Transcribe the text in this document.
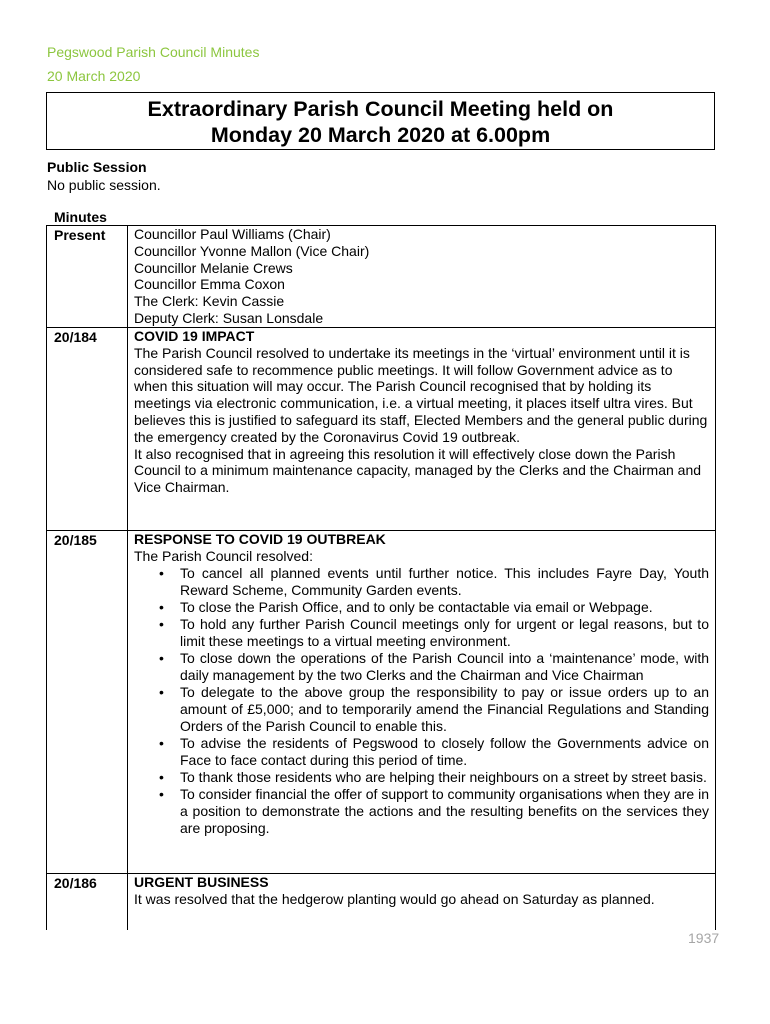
Pegswood Parish Council Minutes
20 March 2020
Extraordinary Parish Council Meeting held on
Monday 20 March 2020 at 6.00pm
Public Session
No public session.
Minutes
Present Councillor Paul Williams (Chair)
Councillor Yvonne Mallon (Vice Chair)
Councillor Melanie Crews
Councillor Emma Coxon
The Clerk: Kevin Cassie
Deputy Clerk: Susan Lonsdale
20/184	COVID 19 IMPACT

The Parish Council resolved to undertake its meetings in the ‘virtual’ environment until it is considered safe to recommence public meetings. It will follow Government advice as to when this situation will may occur. The Parish Council recognised that by holding its meetings via electronic communication, i.e. a virtual meeting, it places itself ultra vires. But believes this is justified to safeguard its staff, Elected Members and the general public during the emergency created by the Coronavirus Covid 19 outbreak.

It also recognised that in agreeing this resolution it will effectively close down the Parish Council to a minimum maintenance capacity, managed by the Clerks and the Chairman and Vice Chairman.

20/185	RESPONSE TO COVID 19 OUTBREAK
The Parish Council resolved:
• To cancel all planned events until further notice. This includes Fayre Day, Youth Reward Scheme, Community Garden events.
• To close the Parish Office, and to only be contactable via email or Webpage.
• To hold any further Parish Council meetings only for urgent or legal reasons, but to limit these meetings to a virtual meeting environment.
• To close down the operations of the Parish Council into a ‘maintenance’ mode, with daily management by the two Clerks and the Chairman and Vice Chairman
• To delegate to the above group the responsibility to pay or issue orders up to an amount of £5,000; and to temporarily amend the Financial Regulations and Standing Orders of the Parish Council to enable this.
• To advise the residents of Pegswood to closely follow the Governments advice on Face to face contact during this period of time.
• To thank those residents who are helping their neighbours on a street by street basis.
• To consider financial the offer of support to community organisations when they are in a position to demonstrate the actions and the resulting benefits on the services they are proposing.
20/186	URGENT BUSINESS

It was resolved that the hedgerow planting would go ahead on Saturday as planned.

1937
